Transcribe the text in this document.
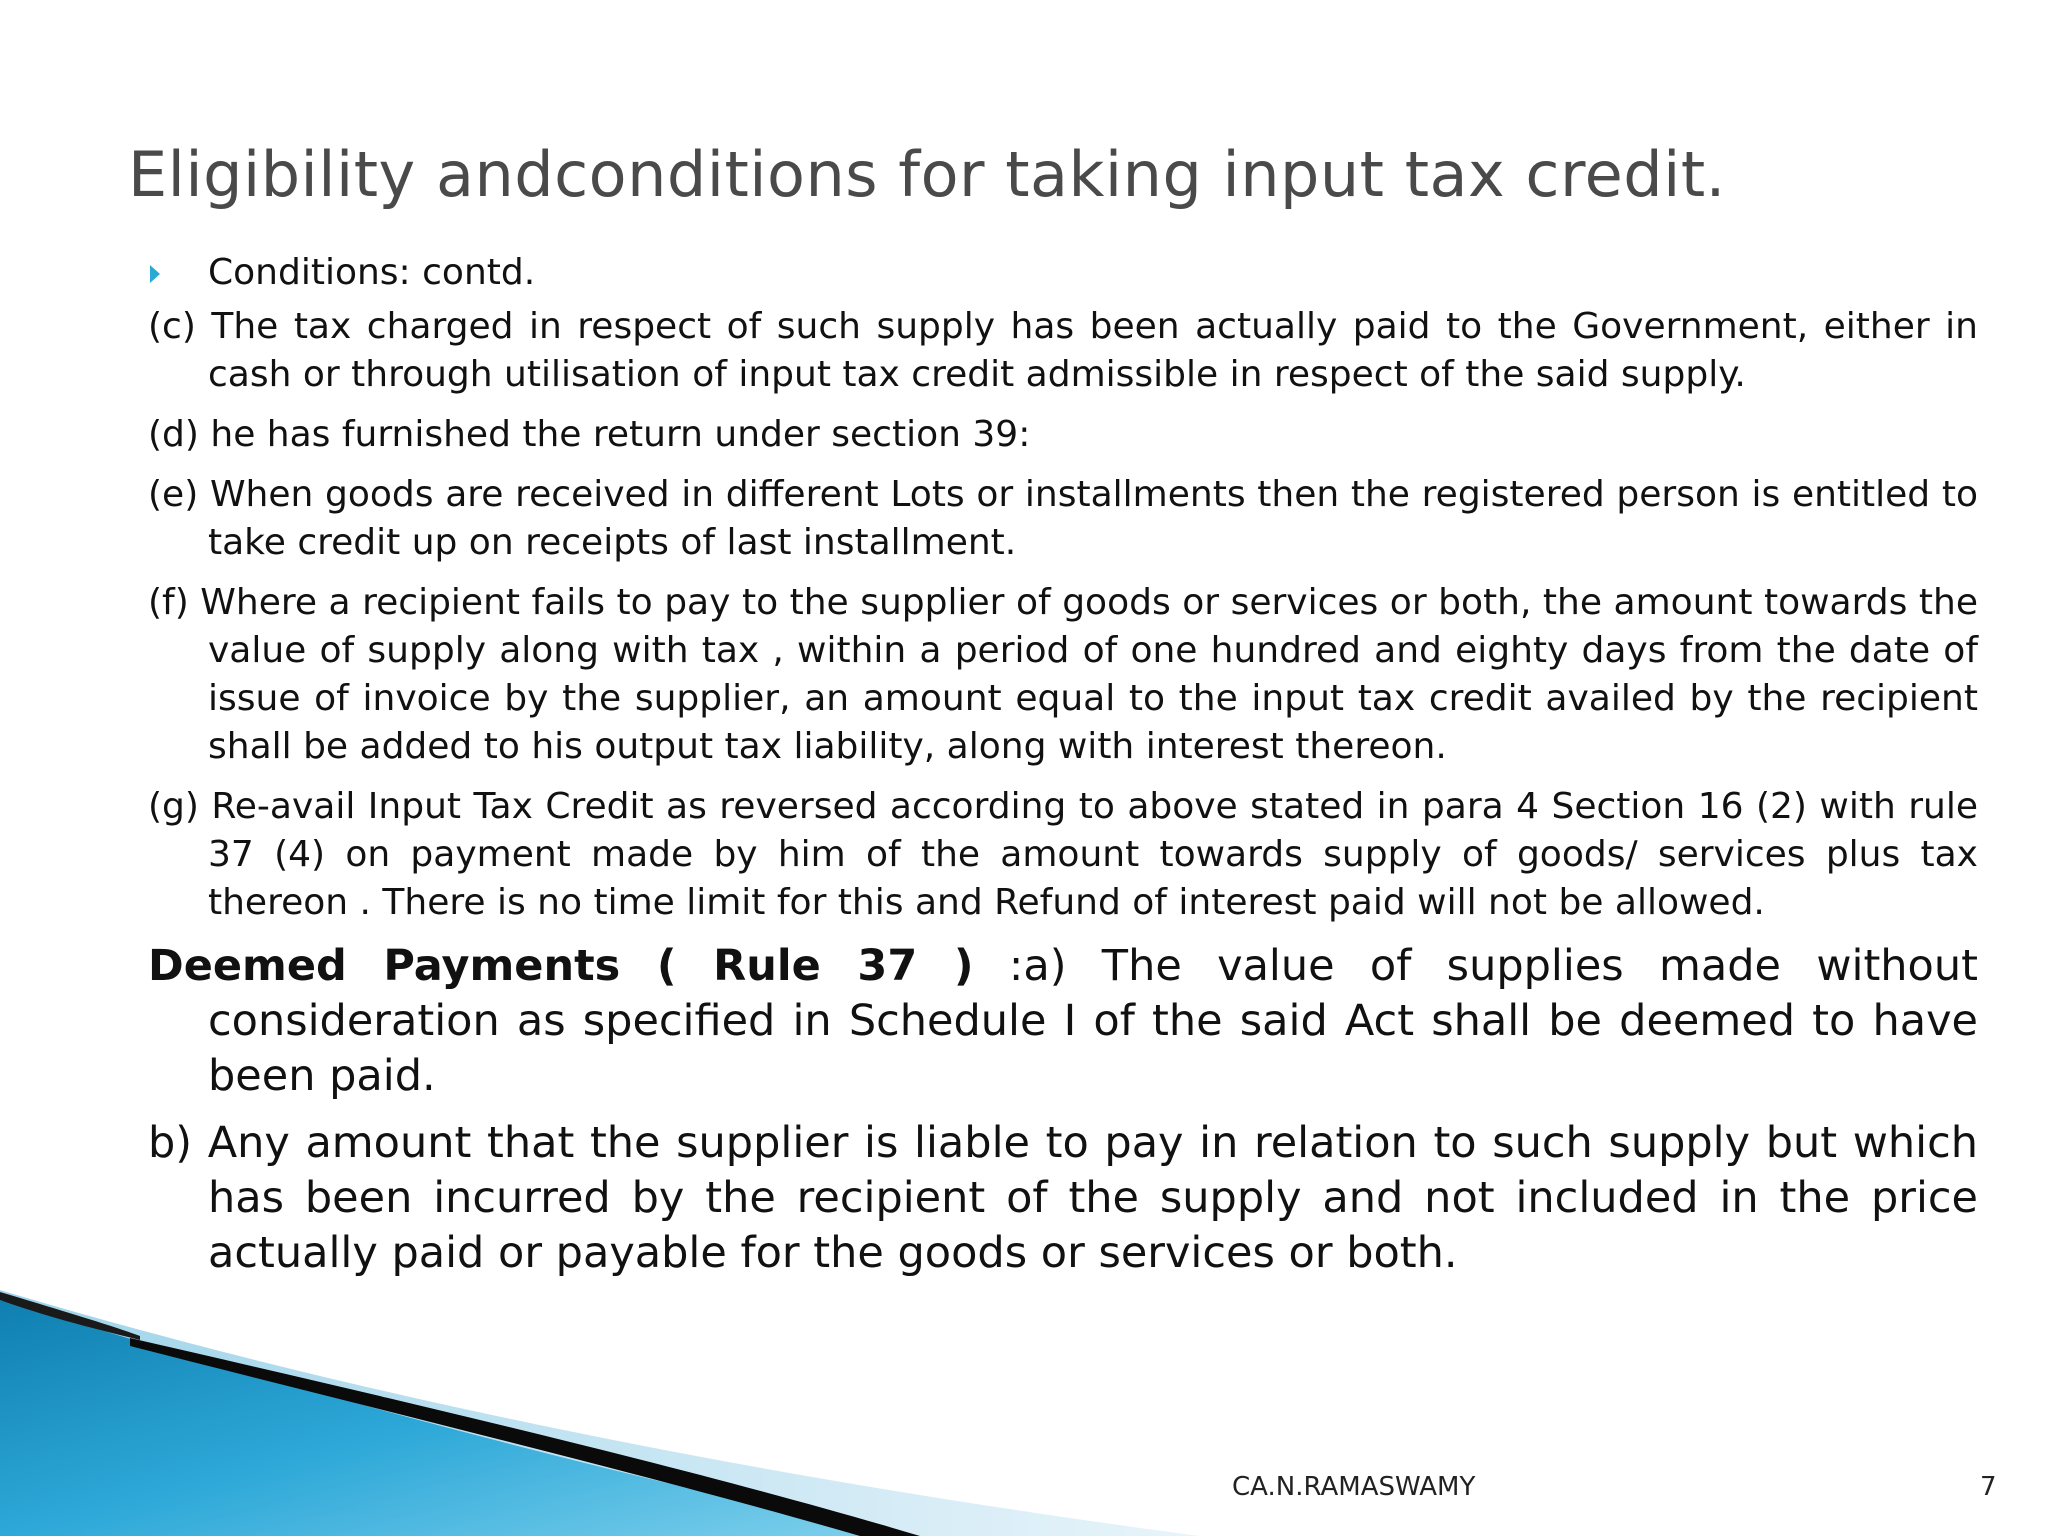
Eligibility andconditions for taking input tax credit.
Conditions: contd.

(c) The tax charged in respect of such supply has been actually paid to the Government, either in cash or through utilisation of input tax credit admissible in respect of the said supply.

(d) he has furnished the return under section 39:

(e) When goods are received in different Lots or installments then the registered person is entitled to take credit up on receipts of last installment.

(f) Where a recipient fails to pay to the supplier of goods or services or both, the amount towards the value of supply along with tax , within a period of one hundred and eighty days from the date of issue of invoice by the supplier, an amount equal to the input tax credit availed by the recipient shall be added to his output tax liability, along with interest thereon.

(g) Re-avail Input Tax Credit as reversed according to above stated in para 4 Section 16 (2) with rule 37 (4) on payment made by him of the amount towards supply of goods/ services plus tax thereon . There is no time limit for this and Refund of interest paid will not be allowed.

Deemed Payments ( Rule 37 ) :a) The value of supplies made without consideration as specified in Schedule I of the said Act shall be deemed to have been paid.

b) Any amount that the supplier is liable to pay in relation to such supply but which has been incurred by the recipient of the supply and not included in the price actually paid or payable for the goods or services or both.

CA.N.RAMASWAMY	7
